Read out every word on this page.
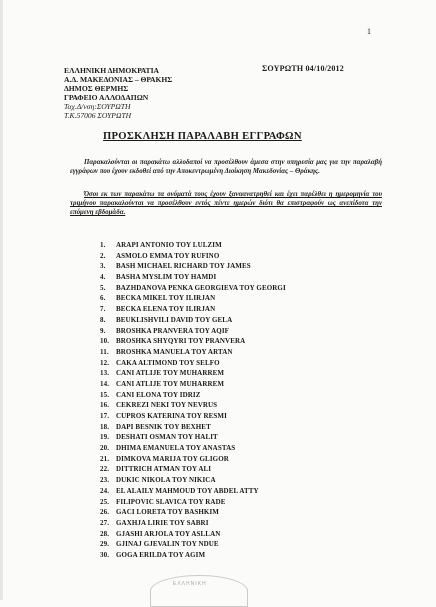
1
ΣΟΥΡΩΤΗ 04/10/2012
ΕΛΛΗΝΙΚΗ ΔΗΜΟΚΡΑΤΙΑ
Α.Δ. ΜΑΚΕΔΟΝΙΑΣ – ΘΡΑΚΗΣ
ΔΗΜΟΣ ΘΕΡΜΗΣ
ΓΡΑΦΕΙΟ ΑΛΛΟΔΑΠΩΝ
Ταχ.Δ/νση:ΣΟΥΡΩΤΗ
Τ.Κ.57006 ΣΟΥΡΩΤΗ
ΠΡΟΣΚΛΗΣΗ ΠΑΡΑΛΑΒΗ ΕΓΓΡΑΦΩΝ
Παρακαλούνται οι παρακάτω αλλοδαποί να προσέλθουν άμεσα στην υπηρεσία μας για την παραλαβή εγγράφων που έχουν εκδοθεί από την Αποκεντρωμένη Διοίκηση Μακεδονίας – Θράκης.
Όσοι εκ των παρακάτω τα ονόματά τους έχουν ξαναανατρηθεί και έχει παρέλθει η ημερομηνία του τριμήνου παρακαλούνται να προσέλθουν εντός πέντε ημερών διότι θα επιστραφούν ως ανεπίδοτα την επόμενη εβδομάδα.
1. ARAPI ANTONIO TOY LULZIM
2. ASMOLO EMMA TOY RUFINO
3. BASH MICHAEL RICHARD TOY JAMES
4. BASHA MYSLIM TOY HAMDI
5. BAZHDANOVA PENKA GEORGIEVA TOY GEORGI
6. BECKA MIKEL TOY ILIRJAN
7. BECKA ELENA TOY ILIRJAN
8. BEUKLISHVILI DAVID TOY GELA
9. BROSHKA PRANVERA TOY AQIF
10. BROSHKA SHYQYRI TOY PRANVERA
11. BROSHKA MANUELA TOY ARTAN
12. CAKA ALTIMOND TOY SELFO
13. CANI ATLIJE TOY MUHARREM
14. CANI ATLIJE TOY MUHARREM
15. CANI ELONA TOY IDRIZ
16. CEKREZI NEKI TOY NEVRUS
17. CUPROS KATERINA TOY RESMI
18. DAPI BESNIK TOY BEXHET
19. DESHATI OSMAN TOY HALIT
20. DHIMA EMANUELA TOY ANASTAS
21. DIMKOVA MARIJA TOY GLIGOR
22. DITTRICH ATMAN TOY ALI
23. DUKIC NIKOLA TOY NIKICA
24. EL ALAILY MAHMOUD TOY ABDEL ATTY
25. FILIPOVIC SLAVICA TOY RADE
26. GACI LORETA TOY BASHKIM
27. GAXHJA LIRIE TOY SABRI
28. GJASHI ARJOLA TOY ASLLAN
29. GJINAJ GJEVALIN TOY NDUE
30. GOGA ERILDA TOY AGIM
ΕΛΛΗΝΙΚΗ
